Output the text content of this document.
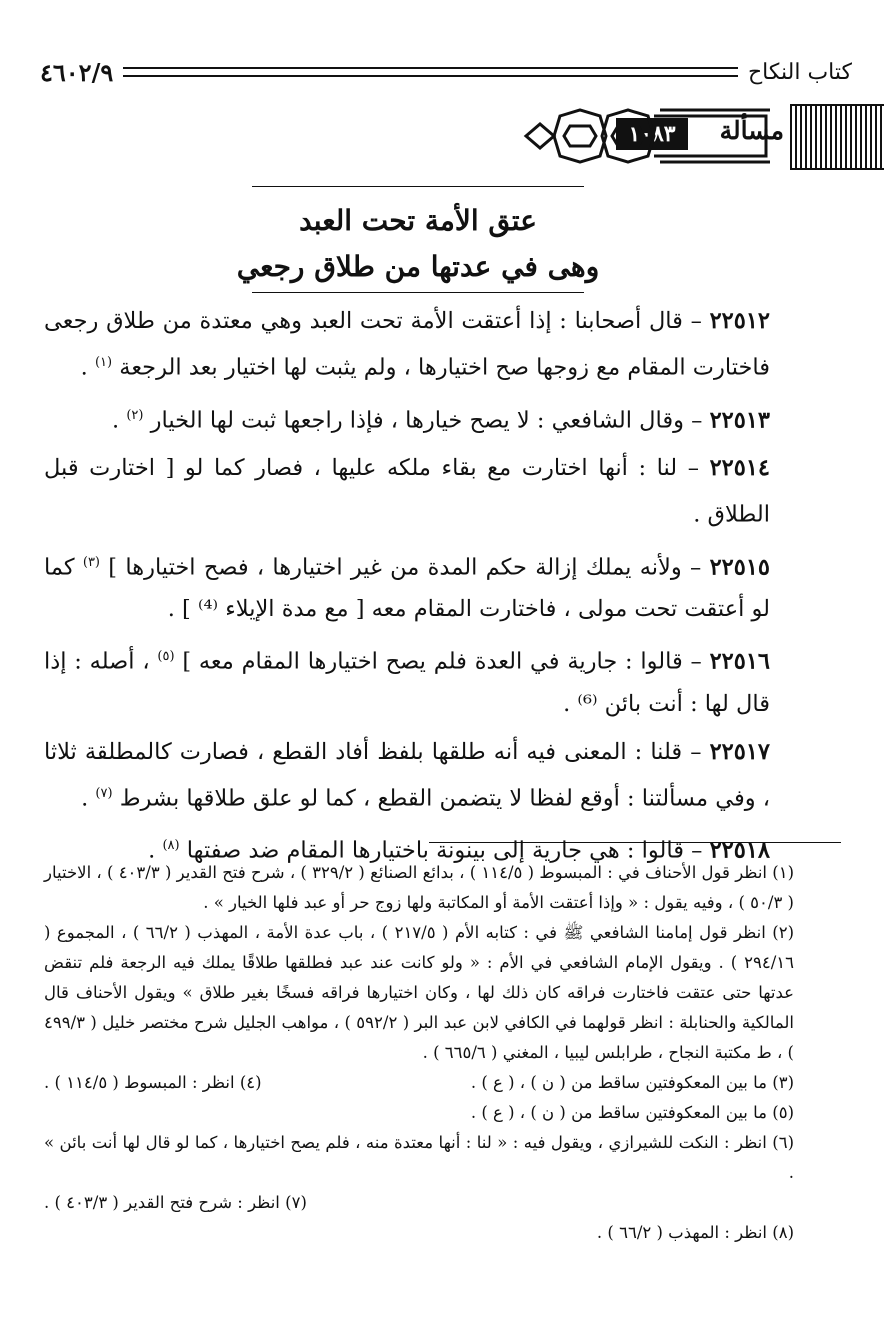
كتاب النكاح
٤٦٠٢/٩
مسألة
١٠٨٣
عتق الأمة تحت العبد
وهى في عدتها من طلاق رجعي

٢٢٥١٢ – قال أصحابنا : إذا أعتقت الأمة تحت العبد وهي معتدة من طلاق رجعى فاختارت المقام مع زوجها صح اختيارها ، ولم يثبت لها اختيار بعد الرجعة $^{(١)}$ .

٢٢٥١٣ – وقال الشافعي : لا يصح خيارها ، فإذا راجعها ثبت لها الخيار $^{(٢)}$ .

٢٢٥١٤ – لنا : أنها اختارت مع بقاء ملكه عليها ، فصار كما لو [ اختارت قبل الطلاق .

٢٢٥١٥ – ولأنه يملك إزالة حكم المدة من غير اختيارها ، فصح اختيارها ] $^{(٣)}$ كما لو أعتقت تحت مولى ، فاختارت المقام معه [ مع مدة الإيلاء ⁽⁴⁾ ] .

٢٢٥١٦ – قالوا : جارية في العدة فلم يصح اختيارها المقام معه ] $^{(٥)}$ ، أصله : إذا قال لها : أنت بائن ⁽⁶⁾ .

٢٢٥١٧ – قلنا : المعنى فيه أنه طلقها بلفظ أفاد القطع ، فصارت كالمطلقة ثلاثا ، وفي مسألتنا : أوقع لفظا لا يتضمن القطع ، كما لو علق طلاقها بشرط $^{(٧)}$ .

٢٢٥١٨ – قالوا : هي جارية إلى بينونة باختيارها المقام ضد صفتها $^{(٨)}$ .

(١) انظر قول الأحناف في : المبسوط ( ١١٤/٥ ) ، بدائع الصنائع ( ٣٢٩/٢ ) ، شرح فتح القدير ( ٤٠٣/٣ ) ، الاختيار ( ٥٠/٣ ) ، وفيه يقول : « وإذا أعتقت الأمة أو المكاتبة ولها زوج حر أو عبد فلها الخيار » .

(٢) انظر قول إمامنا الشافعي ﷺ في : كتابه الأم ( ٢١٧/٥ ) ، باب عدة الأمة ، المهذب ( ٦٦/٢ ) ، المجموع ( ٢٩٤/١٦ ) . ويقول الإمام الشافعي في الأم : « ولو كانت عند عبد فطلقها طلاقًا يملك فيه الرجعة فلم تنقض عدتها حتى عتقت فاختارت فراقه كان ذلك لها ، وكان اختيارها فراقه فسخًا بغير طلاق » ويقول الأحناف قال المالكية والحنابلة : انظر قولهما في الكافي لابن عبد البر ( ٥٩٢/٢ ) ، مواهب الجليل شرح مختصر خليل ( ٤٩٩/٣ ) ، ط مكتبة النجاح ، طرابلس ليبيا ، المغني ( ٦٦٥/٦ ) .

(٣) ما بين المعكوفتين ساقط من ( ن ) ، ( ع ) .
(٤) انظر : المبسوط ( ١١٤/٥ ) .

(٥) ما بين المعكوفتين ساقط من ( ن ) ، ( ع ) .

(٦) انظر : النكت للشيرازي ، ويقول فيه : « لنا : أنها معتدة منه ، فلم يصح اختيارها ، كما لو قال لها أنت بائن » .

(٧) انظر : شرح فتح القدير ( ٤٠٣/٣ ) .

(٨) انظر : المهذب ( ٦٦/٢ ) .
